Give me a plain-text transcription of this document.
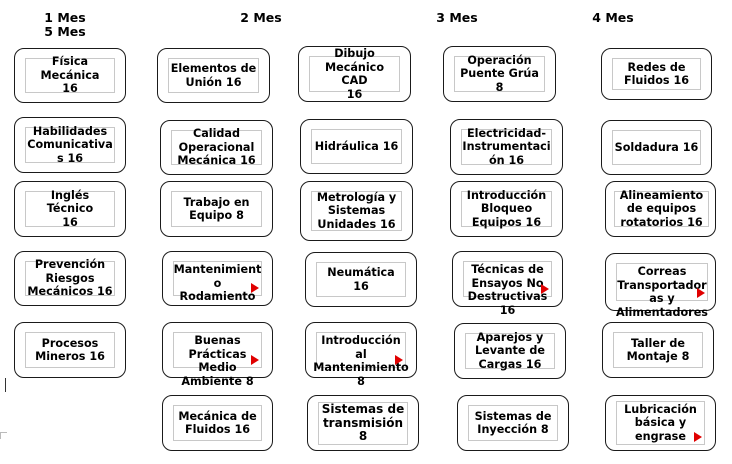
1 Mes
5 Mes
2 Mes	3 Mes	4 Mes
Física
Mecánica
16
Habilidades
Comunicativa
s 16
Inglés Técnico
16
Prevención
Riesgos
Mecánicos 16
Procesos
Mineros 16
Elementos de
Unión 16
Calidad
Operacional
Mecánica 16
Trabajo en
Equipo 8
Mantenimient
o
Rodamiento
Buenas
Prácticas
Medio
Ambiente 8
Mecánica de
Fluidos 16
Dibujo
Mecánico CAD
16
Hidráulica 16
Metrología y
Sistemas
Unidades 16
Neumática 16
Introducción
al
Mantenimiento
8
Sistemas de
transmisión
8
Operación
Puente Grúa
8
Electricidad-
Instrumentaci
ón 16
Introducción
Bloqueo
Equipos 16
Técnicas de
Ensayos No
Destructivas
16
Aparejos y
Levante de
Cargas 16
Sistemas de
Inyección 8
Redes de
Fluidos 16
Soldadura 16
Alineamiento
de equipos
rotatorios 16
Correas
Transportador
as y
Alimentadores
Taller de
Montaje 8
Lubricación
básica y
engrase
